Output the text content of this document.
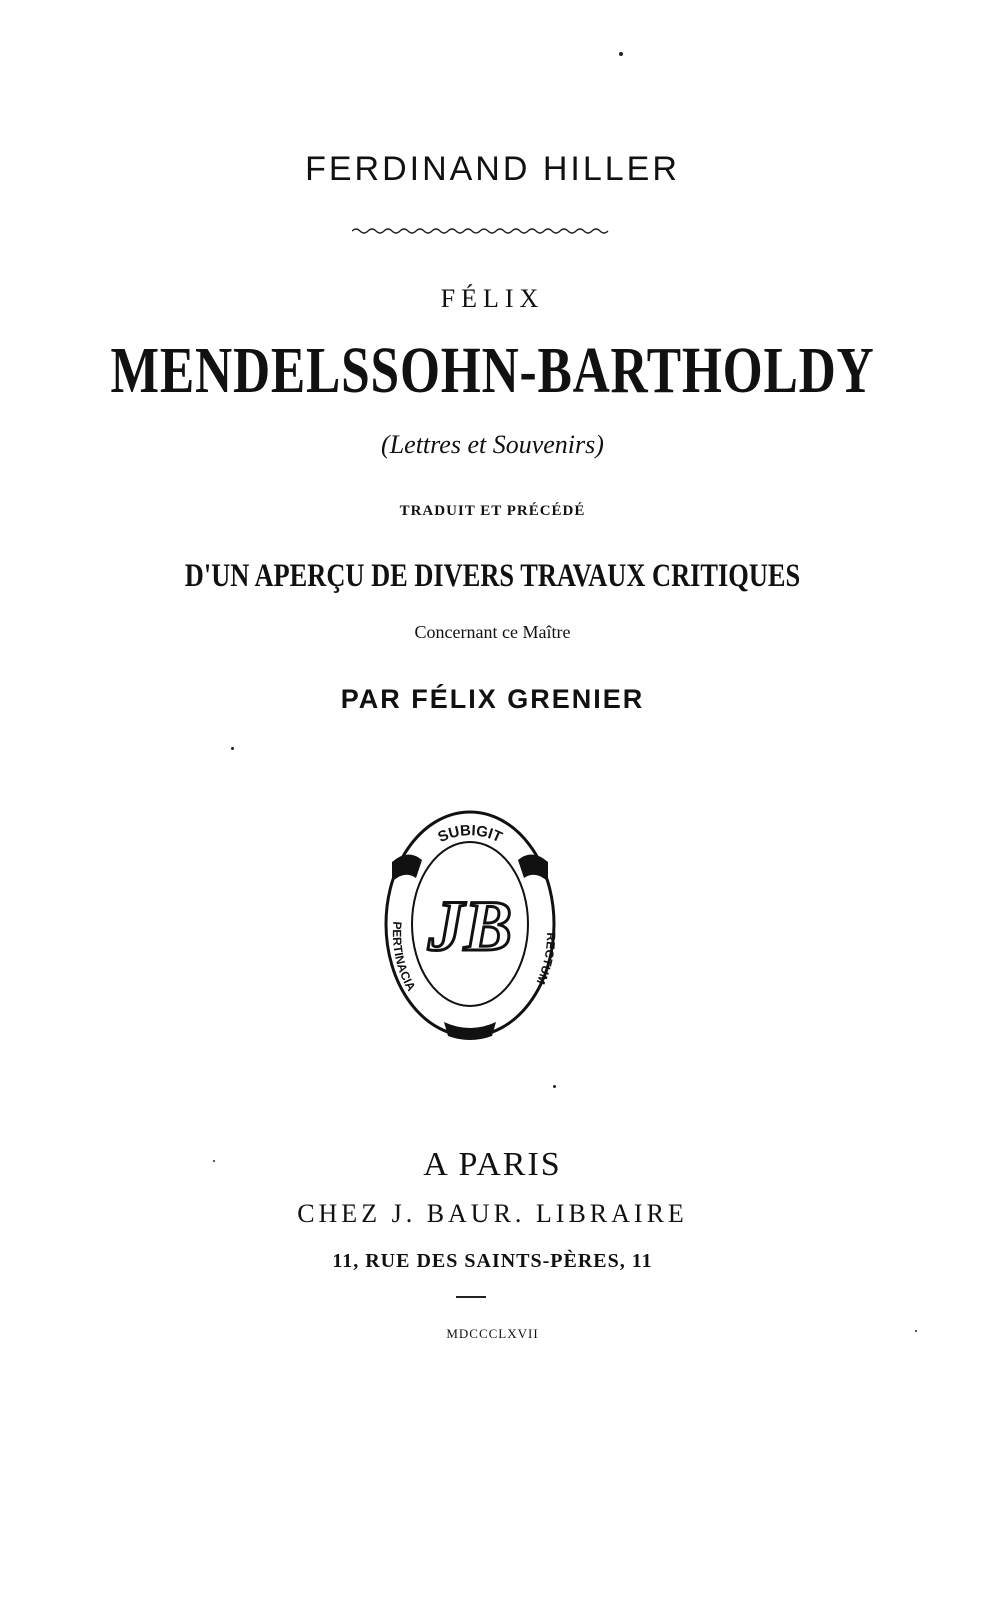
FERDINAND HILLER
FÉLIX
MENDELSSOHN-BARTHOLDY
(Lettres et Souvenirs)
TRADUIT ET PRÉCÉDÉ
D'UN APERÇU DE DIVERS TRAVAUX CRITIQUES
Concernant ce Maître
PAR FÉLIX GRENIER
SUBIGIT
PERTINACIA
RECTUM
JB
A PARIS
CHEZ J. BAUR. LIBRAIRE
11, RUE DES SAINTS-PÈRES, 11
MDCCCLXVII
